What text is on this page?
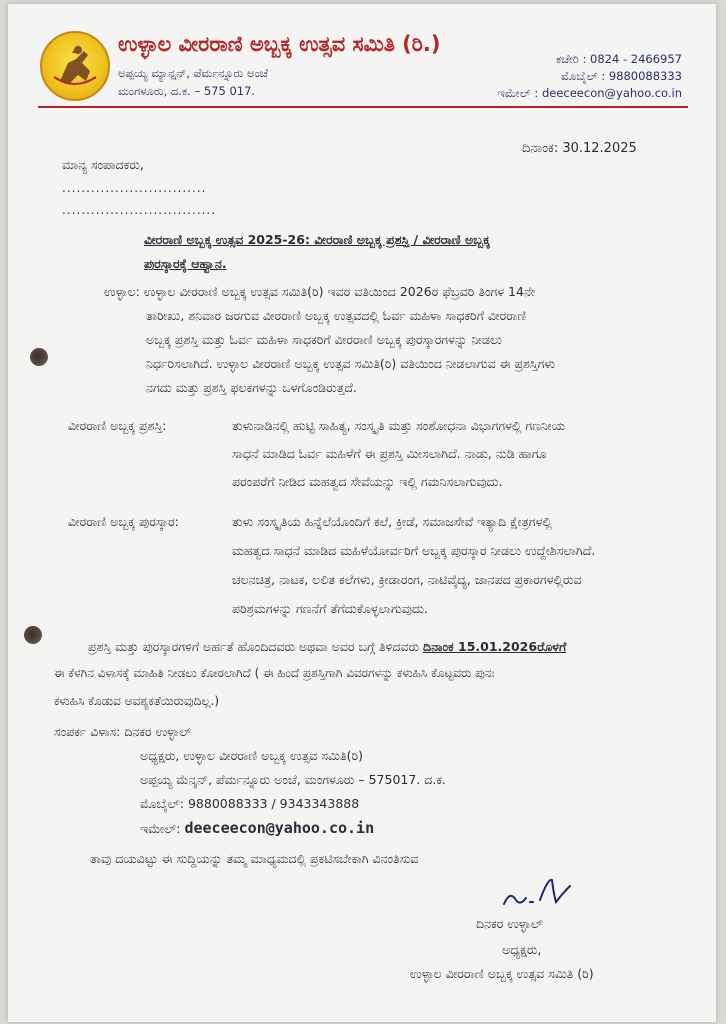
ಉಳ್ಳಾಲ ವೀರರಾಣಿ ಅಬ್ಬಕ್ಕ ಉತ್ಸವ ಸಮಿತಿ (ರಿ.)
ಅಪ್ಪಯ್ಯ ಮ್ಯಾನ್ಷನ್, ಪೆರ್ಮನ್ನೂರು ಅಂಚೆ
ಮಂಗಳೂರು, ದ.ಕ. – 575 017.
ಕಚೇರಿ : 0824 - 2466957
ಮೊಬೈಲ್ : 9880088333
ಇಮೇಲ್ : deeceecon@yahoo.co.in
ದಿನಾಂಕ: 30.12.2025
ಮಾನ್ಯ ಸಂಪಾದಕರು,
..............................
................................
ವೀರರಾಣಿ ಅಬ್ಬಕ್ಕ ಉತ್ಸವ 2025-26: ವೀರರಾಣಿ ಅಬ್ಬಕ್ಕ ಪ್ರಶಸ್ತಿ / ವೀರರಾಣಿ ಅಬ್ಬಕ್ಕ
ಪುರಸ್ಕಾರಕ್ಕೆ ಆಹ್ವಾನ.
ಉಳ್ಳಾಲ: ಉಳ್ಳಾಲ ವೀರರಾಣಿ ಅಬ್ಬಕ್ಕ ಉತ್ಸವ ಸಮಿತಿ(ರಿ) ಇವರ ವತಿಯಿಂದ 2026ರ ಫೆಬ್ರವರಿ ತಿಂಗಳ 14ನೇ
ತಾರೀಖು, ಶನಿವಾರ ಜರಗುವ ವೀರರಾಣಿ ಅಬ್ಬಕ್ಕ ಉತ್ಸವದಲ್ಲಿ ಓರ್ವ ಮಹಿಳಾ ಸಾಧಕರಿಗೆ ವೀರರಾಣಿ
ಅಬ್ಬಕ್ಕ ಪ್ರಶಸ್ತಿ ಮತ್ತು ಓರ್ವ ಮಹಿಳಾ ಸಾಧಕರಿಗೆ ವೀರರಾಣಿ ಅಬ್ಬಕ್ಕ ಪುರಸ್ಕಾರಗಳನ್ನು ನೀಡಲು
ನಿರ್ಧರಿಸಲಾಗಿದೆ. ಉಳ್ಳಾಲ ವೀರರಾಣಿ ಅಬ್ಬಕ್ಕ ಉತ್ಸವ ಸಮಿತಿ(ರಿ) ವತಿಯಿಂದ ನೀಡಲಾಗುವ ಈ ಪ್ರಶಸ್ತಿಗಳು
ನಗದು ಮತ್ತು ಪ್ರಶಸ್ತಿ ಫಲಕಗಳನ್ನು ಒಳಗೊಂಡಿರುತ್ತದೆ.
ವೀರರಾಣಿ ಅಬ್ಬಕ್ಕ ಪ್ರಶಸ್ತಿ:	ತುಳುನಾಡಿನಲ್ಲಿ ಹುಟ್ಟಿ ಸಾಹಿತ್ಯ, ಸಂಸ್ಕೃತಿ ಮತ್ತು ಸಂಶೋಧನಾ ವಿಭಾಗಗಳಲ್ಲಿ ಗಣನೀಯ
ಸಾಧನೆ ಮಾಡಿದ ಓರ್ವ ಮಹಿಳೆಗೆ ಈ ಪ್ರಶಸ್ತಿ ಮೀಸಲಾಗಿದೆ. ನಾಡು, ನುಡಿ ಹಾಗೂ
ಪರಂಪರೆಗೆ ನೀಡಿದ ಮಹತ್ವದ ಸೇವೆಯನ್ನು ಇಲ್ಲಿ ಗಮನಿಸಲಾಗುವುದು.
ವೀರರಾಣಿ ಅಬ್ಬಕ್ಕ ಪುರಸ್ಕಾರ:	ತುಳು ಸಂಸ್ಕೃತಿಯ ಹಿನ್ನೆಲೆಯೊಂದಿಗೆ ಕಲೆ, ಕ್ರೀಡೆ, ಸಮಾಜಸೇವೆ ಇತ್ಯಾದಿ ಕ್ಷೇತ್ರಗಳಲ್ಲಿ
ಮಹತ್ವದ ಸಾಧನೆ ಮಾಡಿದ ಮಹಿಳೆಯೋರ್ವರಿಗೆ ಅಬ್ಬಕ್ಕ ಪುರಸ್ಕಾರ ನೀಡಲು ಉದ್ದೇಶಿಸಲಾಗಿದೆ.
ಚಲನಚಿತ್ರ, ನಾಟಕ, ಲಲಿತ ಕಲೆಗಳು, ಕ್ರೀಡಾರಂಗ, ನಾಟಿವೈದ್ಯ, ಜಾನಪದ ಪ್ರಕಾರಗಳಲ್ಲಿರುವ
ಪರಿಶ್ರಮಗಳನ್ನು ಗಣನೆಗೆ ತೆಗೆದುಕೊಳ್ಳಲಾಗುವುದು.
ಪ್ರಶಸ್ತಿ ಮತ್ತು ಪುರಸ್ಕಾರಗಳಿಗೆ ಅರ್ಹತೆ ಹೊಂದಿದವರು ಅಥವಾ ಅವರ ಬಗ್ಗೆ ತಿಳಿದವರು ದಿನಾಂಕ 15.01.2026ರೊಳಗೆ
ಈ ಕೆಳಗಿನ ವಿಳಾಸಕ್ಕೆ ಮಾಹಿತಿ ನೀಡಲು ಕೋರಲಾಗಿದೆ ( ಈ ಹಿಂದೆ ಪ್ರಶಸ್ತಿಗಾಗಿ ವಿವರಗಳನ್ನು ಕಳುಹಿಸಿ ಕೊಟ್ಟವರು ಪುನಃ
ಕಳುಹಿಸಿ ಕೊಡುವ ಅವಶ್ಯಕತೆಯಿರುವುದಿಲ್ಲ.)
ಸಂಪರ್ಕ ವಿಳಾಸ: ದಿನಕರ ಉಳ್ಳಾಲ್
ಅಧ್ಯಕ್ಷರು, ಉಳ್ಳಾಲ ವೀರರಾಣಿ ಅಬ್ಬಕ್ಕ ಉತ್ಸವ ಸಮಿತಿ(ರಿ)
ಅಪ್ಪಯ್ಯ ಮೆನ್ಶನ್, ಪೆರ್ಮನ್ನೂರು ಅಂಚೆ, ಮಂಗಳೂರು – 575017. ದ.ಕ.
ಮೊಬೈಲ್: 9880088333 / 9343343888
ಇಮೇಲ್: deeceecon@yahoo.co.in
ತಾವು ದಯವಿಟ್ಟು ಈ ಸುದ್ದಿಯನ್ನು ತಮ್ಮ ಮಾಧ್ಯಮದಲ್ಲಿ ಪ್ರಕಟಿಸಬೇಕಾಗಿ ವಿನಂತಿಸುವ
ದಿನಕರ ಉಳ್ಳಾಲ್
ಅಧ್ಯಕ್ಷರು,
ಉಳ್ಳಾಲ ವೀರರಾಣಿ ಅಬ್ಬಕ್ಕ ಉತ್ಸವ ಸಮಿತಿ (ರಿ)
